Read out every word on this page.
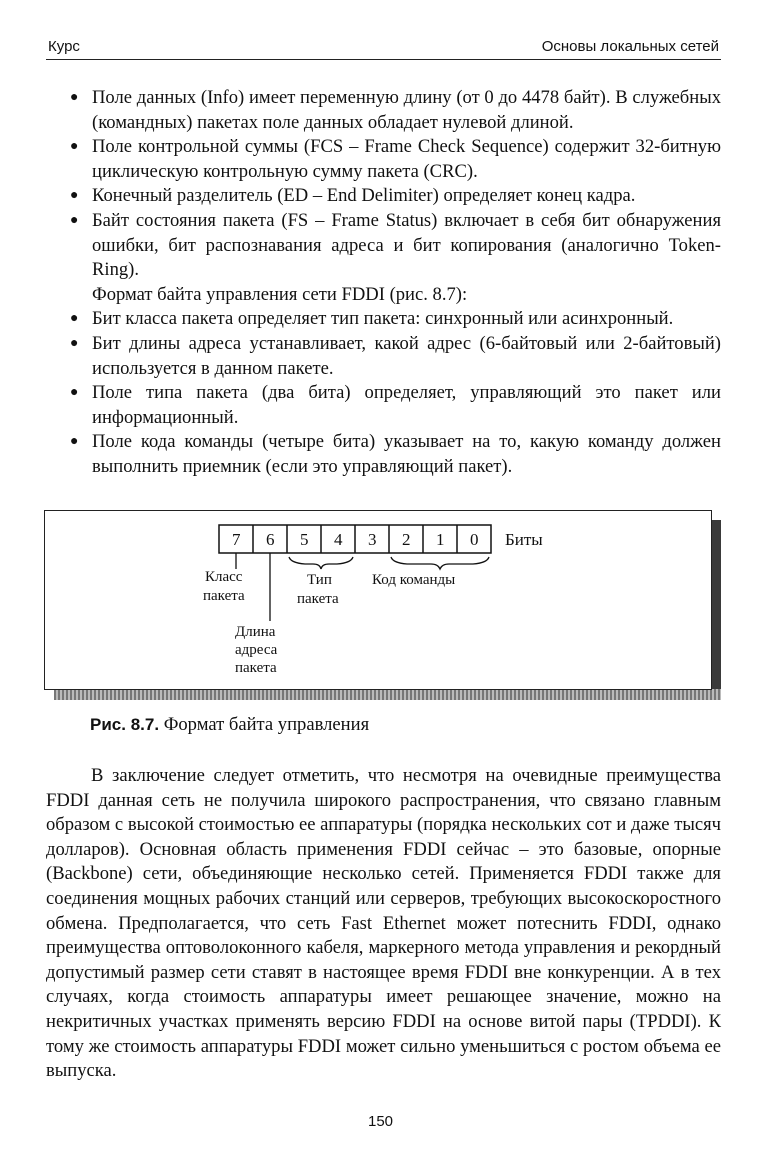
Курс	Основы локальных сетей
● Поле данных (Info) имеет переменную длину (от 0 до 4478 байт). В служебных (командных) пакетах поле данных обладает нулевой длиной.
● Поле контрольной суммы (FCS – Frame Check Sequence) содержит 32-битную циклическую контрольную сумму пакета (CRC).
● Конечный разделитель (ED – End Delimiter) определяет конец кадра.
● Байт состояния пакета (FS – Frame Status) включает в себя бит обнаружения ошибки, бит распознавания адреса и бит копирования (аналогично Token-Ring).
Формат байта управления сети FDDI (рис. 8.7):
● Бит класса пакета определяет тип пакета: синхронный или асинхронный.
● Бит длины адреса устанавливает, какой адрес (6-байтовый или 2-байтовый) используется в данном пакете.
● Поле типа пакета (два бита) определяет, управляющий это пакет или информационный.
● Поле кода команды (четыре бита) указывает на то, какую команду должен выполнить приемник (если это управляющий пакет).
7 6 5 4 3 2 1 0 Биты
Класс
пакета
Тип
пакета
Код команды
Длина
адреса
пакета
Рис. 8.7. Формат байта управления

В заключение следует отметить, что несмотря на очевидные преимущества FDDI данная сеть не получила широкого распространения, что связано главным образом с высокой стоимостью ее аппаратуры (порядка нескольких сот и даже тысяч долларов). Основная область применения FDDI сейчас – это базовые, опорные (Backbone) сети, объединяющие несколько сетей. Применяется FDDI также для соединения мощных рабочих станций или серверов, требующих высокоскоростного обмена. Предполагается, что сеть Fast Ethernet может потеснить FDDI, однако преимущества оптоволоконного кабеля, маркерного метода управления и рекордный допустимый размер сети ставят в настоящее время FDDI вне конкуренции. А в тех случаях, когда стоимость аппаратуры имеет решающее значение, можно на некритичных участках применять версию FDDI на основе витой пары (TPDDI). К тому же стоимость аппаратуры FDDI может сильно уменьшиться с ростом объема ее выпуска.

150
